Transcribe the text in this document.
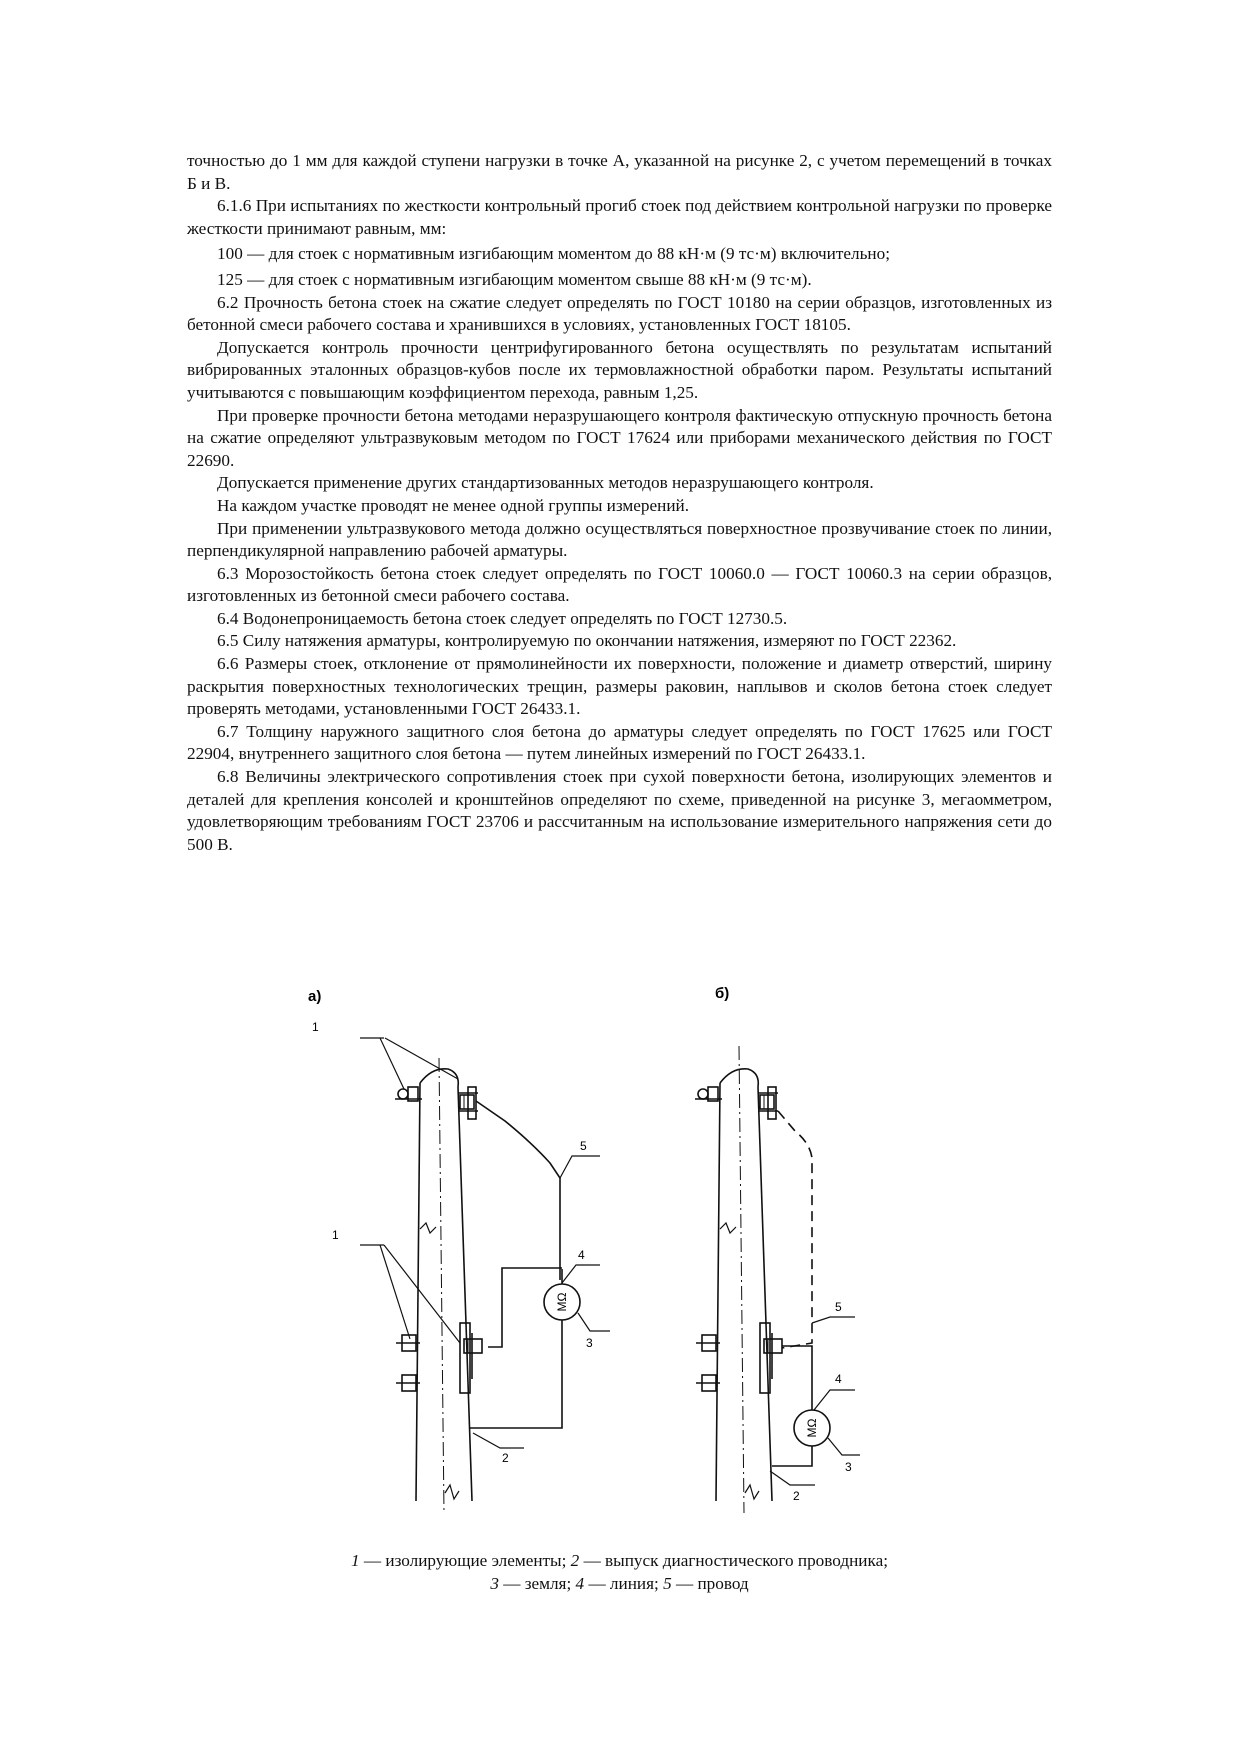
точностью до 1 мм для каждой ступени нагрузки в точке А, указанной на рисунке 2, с учетом перемещений в точках Б и В.

6.1.6 При испытаниях по жесткости контрольный прогиб стоек под действием контрольной нагрузки по проверке жесткости принимают равным, мм:

100 — для стоек с нормативным изгибающим моментом до 88 кН·м (9 тс·м) включительно;

125 — для стоек с нормативным изгибающим моментом свыше 88 кН·м (9 тс·м).

6.2 Прочность бетона стоек на сжатие следует определять по ГОСТ 10180 на серии образцов, изготовленных из бетонной смеси рабочего состава и хранившихся в условиях, установленных ГОСТ 18105.

Допускается контроль прочности центрифугированного бетона осуществлять по результатам испытаний вибрированных эталонных образцов-кубов после их термовлажностной обработки паром. Результаты испытаний учитываются с повышающим коэффициентом перехода, равным 1,25.

При проверке прочности бетона методами неразрушающего контроля фактическую отпускную прочность бетона на сжатие определяют ультразвуковым методом по ГОСТ 17624 или приборами механического действия по ГОСТ 22690.

Допускается применение других стандартизованных методов неразрушающего контроля.

На каждом участке проводят не менее одной группы измерений.

При применении ультразвукового метода должно осуществляться поверхностное прозвучивание стоек по линии, перпендикулярной направлению рабочей арматуры.

6.3 Морозостойкость бетона стоек следует определять по ГОСТ 10060.0 — ГОСТ 10060.3 на серии образцов, изготовленных из бетонной смеси рабочего состава.

6.4 Водонепроницаемость бетона стоек следует определять по ГОСТ 12730.5.

6.5 Силу натяжения арматуры, контролируемую по окончании натяжения, измеряют по ГОСТ 22362.

6.6 Размеры стоек, отклонение от прямолинейности их поверхности, положение и диаметр отверстий, ширину раскрытия поверхностных технологических трещин, размеры раковин, наплывов и сколов бетона стоек следует проверять методами, установленными ГОСТ 26433.1.

6.7 Толщину наружного защитного слоя бетона до арматуры следует определять по ГОСТ 17625 или ГОСТ 22904, внутреннего защитного слоя бетона — путем линейных измерений по ГОСТ 26433.1.

6.8 Величины электрического сопротивления стоек при сухой поверхности бетона, изолирующих элементов и деталей для крепления консолей и кронштейнов определяют по схеме, приведенной на рисунке 3, мегаомметром, удовлетворяющим требованиям ГОСТ 23706 и рассчитанным на использование измерительного напряжения сети до 500 В.

а)	б)
1
1
5
4
3
2
5
4
3
2
MΩ
MΩ
1 — изолирующие элементы; 2 — выпуск диагностического проводника;
3 — земля; 4 — линия; 5 — провод
